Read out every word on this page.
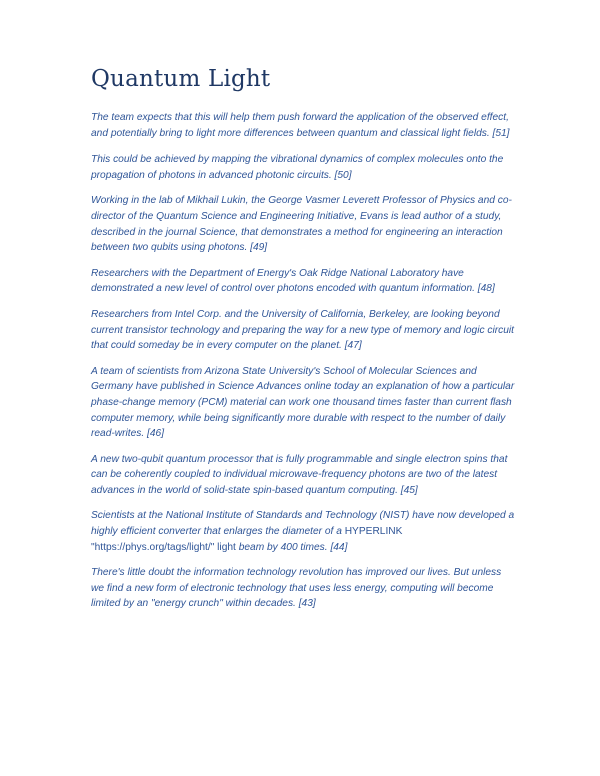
Quantum Light

The team expects that this will help them push forward the application of the observed effect, and potentially bring to light more differences between quantum and classical light fields. [51]

This could be achieved by mapping the vibrational dynamics of complex molecules onto the propagation of photons in advanced photonic circuits. [50]

Working in the lab of Mikhail Lukin, the George Vasmer Leverett Professor of Physics and co-director of the Quantum Science and Engineering Initiative, Evans is lead author of a study, described in the journal Science, that demonstrates a method for engineering an interaction between two qubits using photons. [49]

Researchers with the Department of Energy's Oak Ridge National Laboratory have demonstrated a new level of control over photons encoded with quantum information. [48]

Researchers from Intel Corp. and the University of California, Berkeley, are looking beyond current transistor technology and preparing the way for a new type of memory and logic circuit that could someday be in every computer on the planet. [47]

A team of scientists from Arizona State University's School of Molecular Sciences and Germany have published in Science Advances online today an explanation of how a particular phase-change memory (PCM) material can work one thousand times faster than current flash computer memory, while being significantly more durable with respect to the number of daily read-writes. [46]

A new two-qubit quantum processor that is fully programmable and single electron spins that can be coherently coupled to individual microwave-frequency photons are two of the latest advances in the world of solid-state spin-based quantum computing. [45]

Scientists at the National Institute of Standards and Technology (NIST) have now developed a highly efficient converter that enlarges the diameter of a HYPERLINK "https://phys.org/tags/light/" light beam by 400 times. [44]

There's little doubt the information technology revolution has improved our lives. But unless we find a new form of electronic technology that uses less energy, computing will become limited by an "energy crunch" within decades. [43]
